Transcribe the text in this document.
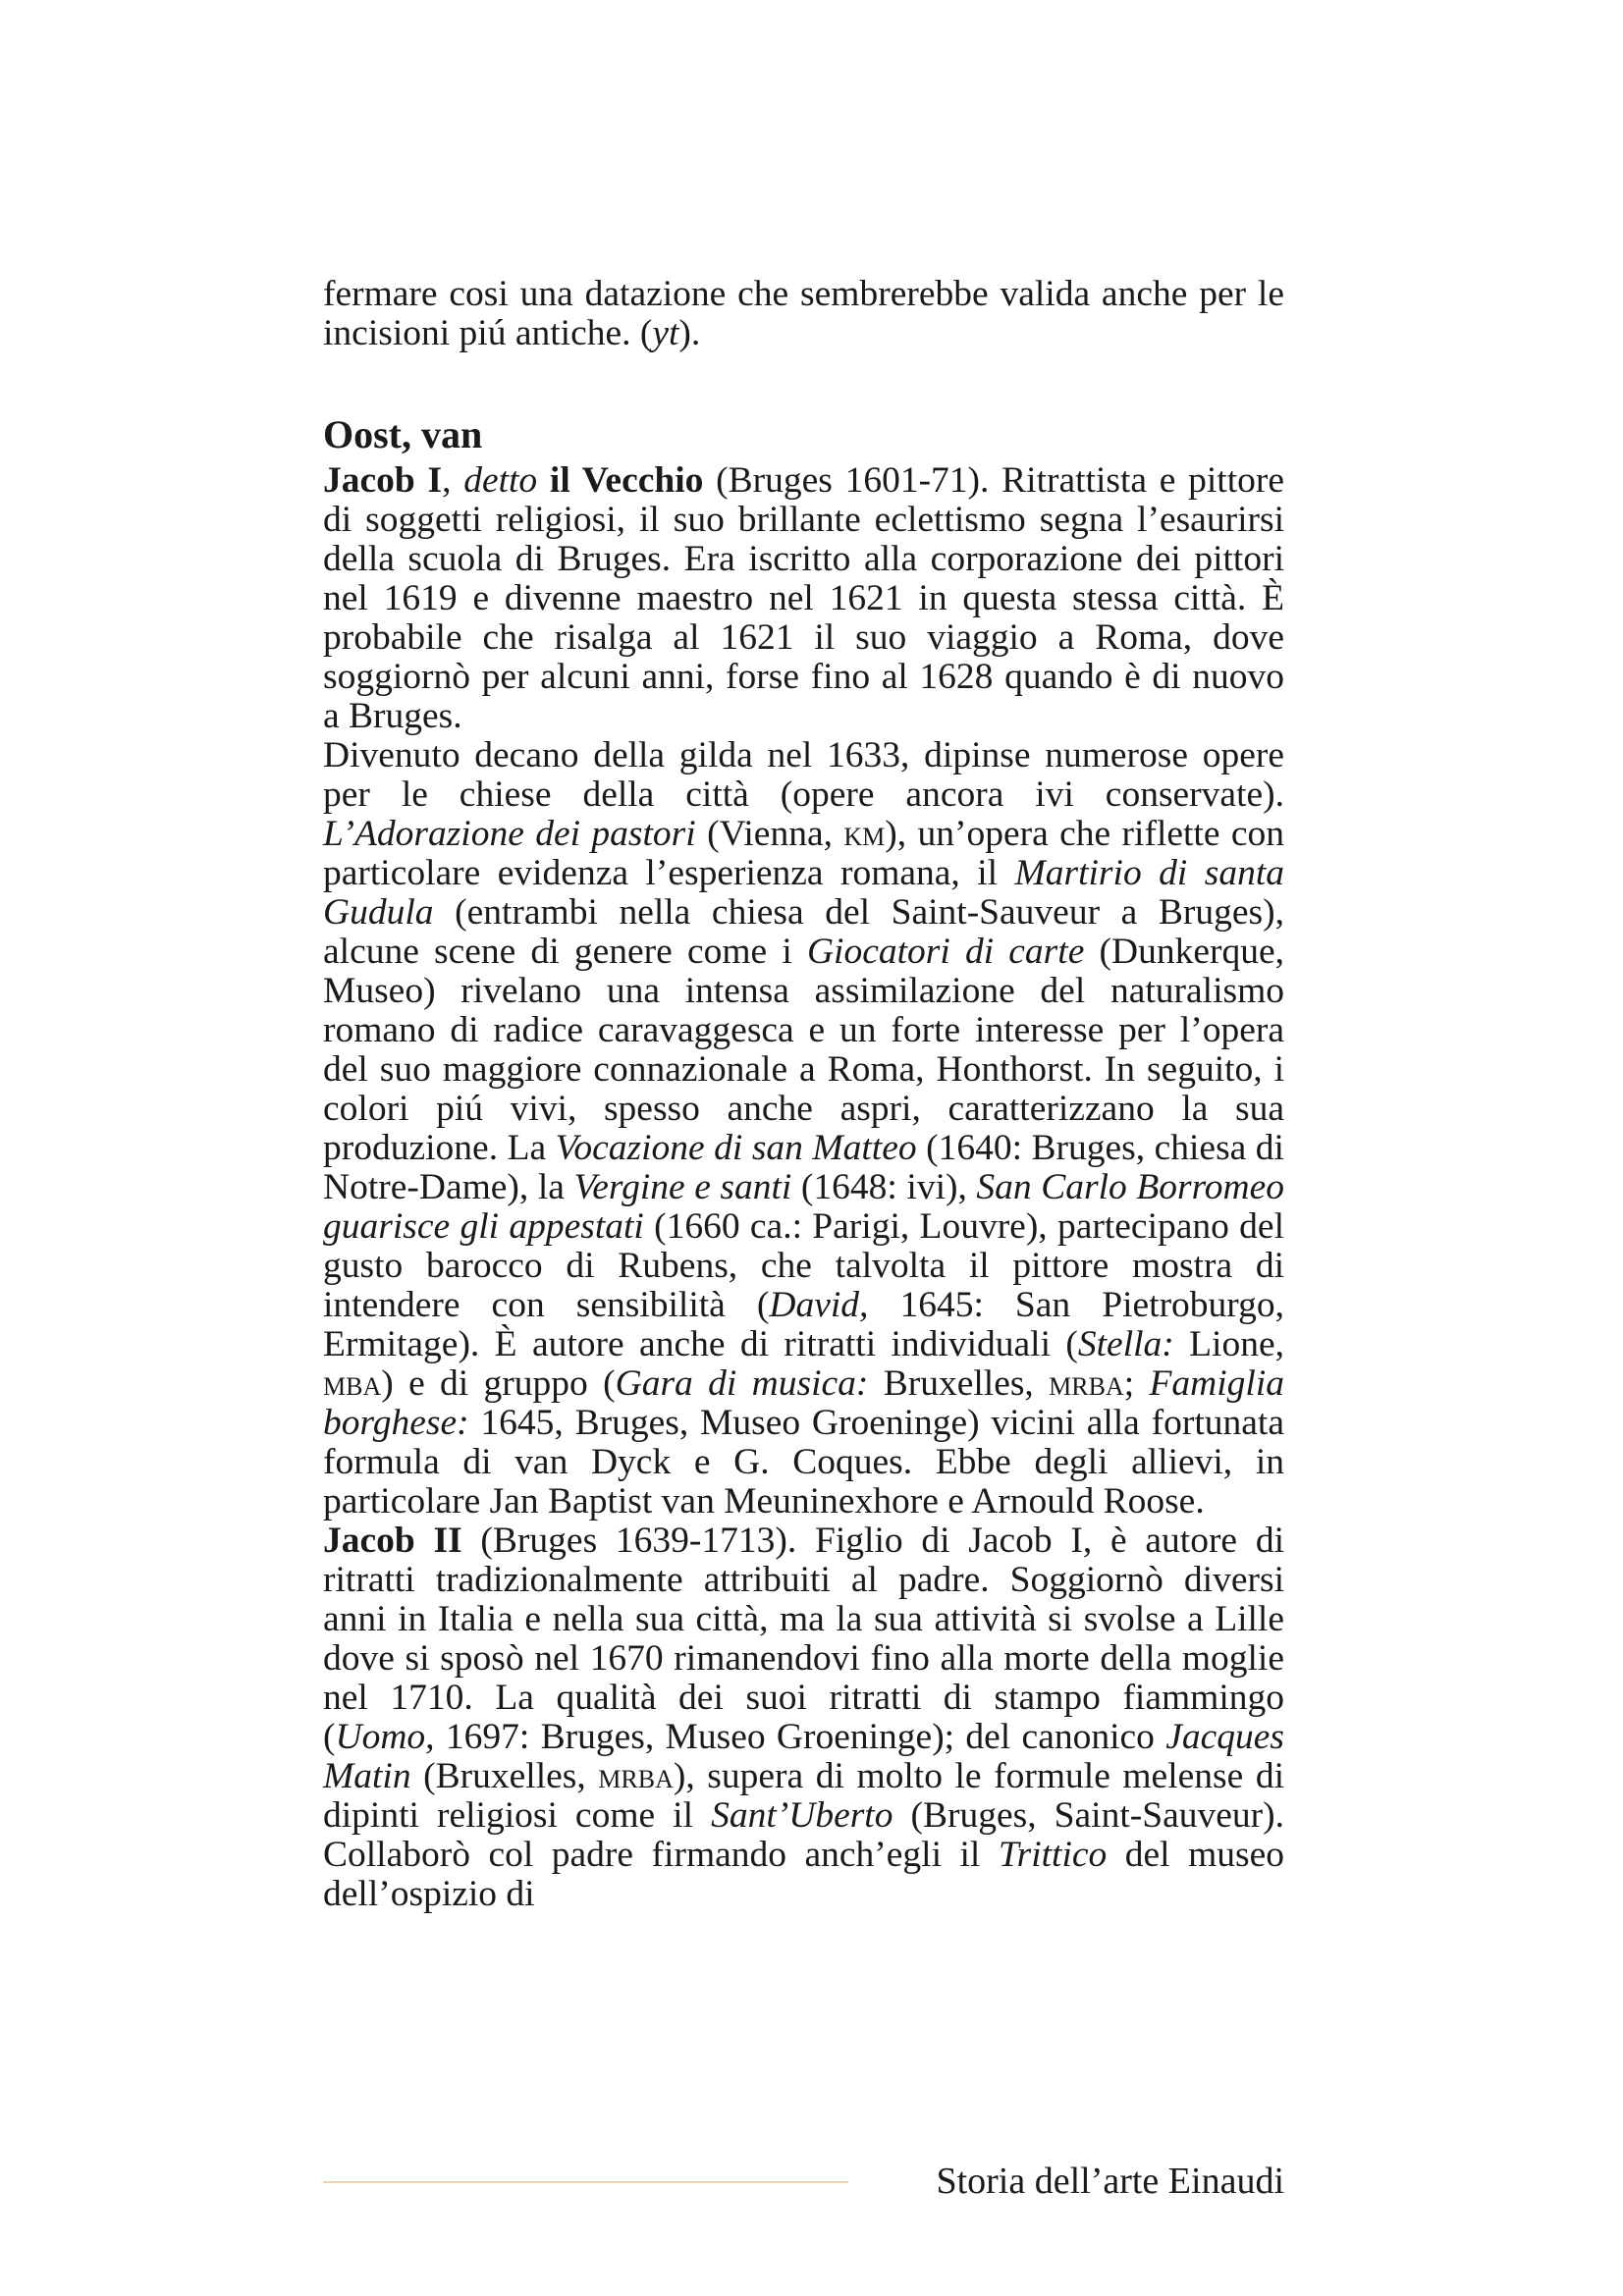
fermare cosi una datazione che sembrerebbe valida anche per le incisioni piú antiche. (yt).

Oost, van

Jacob I, detto il Vecchio (Bruges 1601-71). Ritrattista e pittore di soggetti religiosi, il suo brillante eclettismo segna l’esaurirsi della scuola di Bruges. Era iscritto alla corporazione dei pittori nel 1619 e divenne maestro nel 1621 in questa stessa città. È probabile che risalga al 1621 il suo viaggio a Roma, dove soggiornò per alcuni anni, forse fino al 1628 quando è di nuovo a Bruges.

Divenuto decano della gilda nel 1633, dipinse numerose opere per le chiese della città (opere ancora ivi conservate). L’Adorazione dei pastori (Vienna, km), un’opera che riflette con particolare evidenza l’esperienza romana, il Martirio di santa Gudula (entrambi nella chiesa del Saint-Sauveur a Bruges), alcune scene di genere come i Giocatori di carte (Dunkerque, Museo) rivelano una intensa assimilazione del naturalismo romano di radice caravaggesca e un forte interesse per l’opera del suo maggiore connazionale a Roma, Honthorst. In seguito, i colori piú vivi, spesso anche aspri, caratterizzano la sua produzione. La Vocazione di san Matteo (1640: Bruges, chiesa di Notre-Dame), la Vergine e santi (1648: ivi), San Carlo Borromeo guarisce gli appestati (1660 ca.: Parigi, Louvre), partecipano del gusto barocco di Rubens, che talvolta il pittore mostra di intendere con sensibilità (David, 1645: San Pietroburgo, Ermitage). È autore anche di ritratti individuali (Stella: Lione, mba) e di gruppo (Gara di musica: Bruxelles, mrba; Famiglia borghese: 1645, Bruges, Museo Groeninge) vicini alla fortunata formula di van Dyck e G. Coques. Ebbe degli allievi, in particolare Jan Baptist van Meuninexhore e Arnould Roose.

Jacob II (Bruges 1639-1713). Figlio di Jacob I, è autore di ritratti tradizionalmente attribuiti al padre. Soggiornò diversi anni in Italia e nella sua città, ma la sua attività si svolse a Lille dove si sposò nel 1670 rimanendovi fino alla morte della moglie nel 1710. La qualità dei suoi ritratti di stampo fiammingo (Uomo, 1697: Bruges, Museo Groeninge); del canonico Jacques Matin (Bruxelles, mrba), supera di molto le formule melense di dipinti religiosi come il Sant’Uberto (Bruges, Saint-Sauveur). Collaborò col padre firmando anch’egli il Trittico del museo dell’ospizio di

Storia dell’arte Einaudi
